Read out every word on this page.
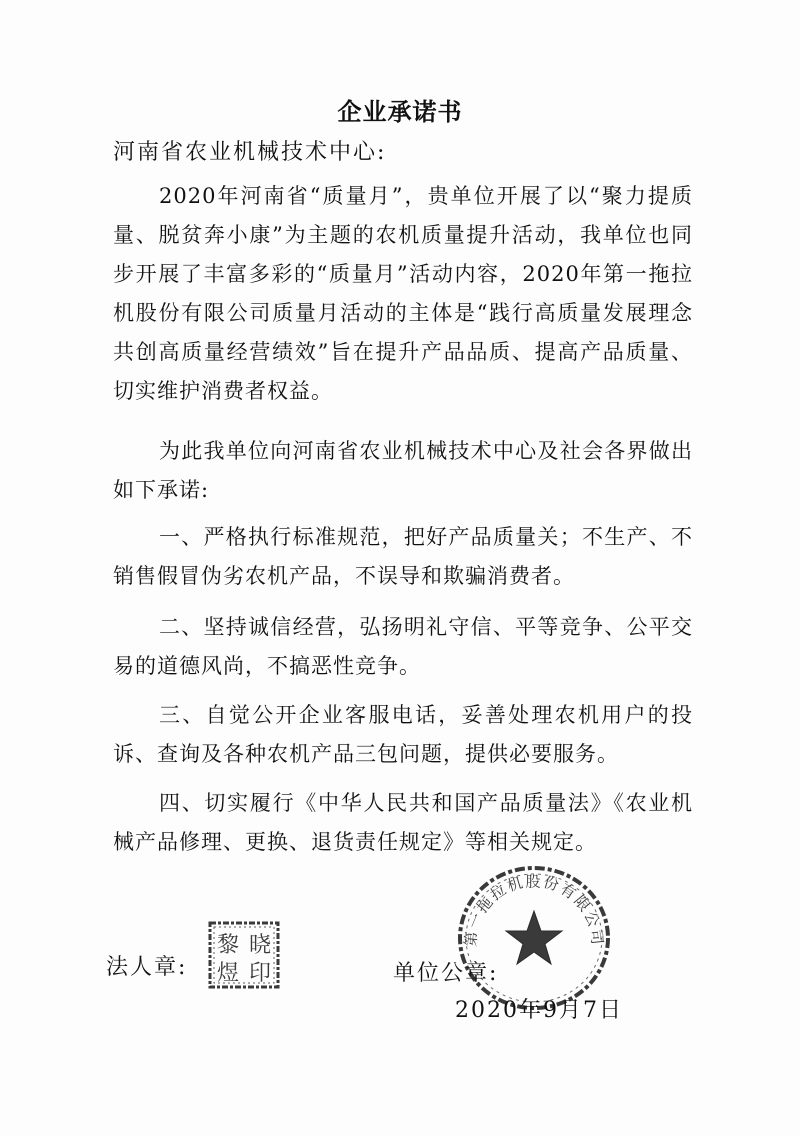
企业承诺书
河南省农业机械技术中心:

2020年河南省“质量月”，贵单位开展了以“聚力提质量、脱贫奔小康”为主题的农机质量提升活动，我单位也同步开展了丰富多彩的“质量月”活动内容，2020年第一拖拉机股份有限公司质量月活动的主体是“践行高质量发展理念共创高质量经营绩效”旨在提升产品品质、提高产品质量、切实维护消费者权益。

为此我单位向河南省农业机械技术中心及社会各界做出如下承诺:

一、严格执行标准规范，把好产品质量关；不生产、不销售假冒伪劣农机产品，不误导和欺骗消费者。

二、坚持诚信经营，弘扬明礼守信、平等竞争、公平交易的道德风尚，不搞恶性竞争。

三、自觉公开企业客服电话，妥善处理农机用户的投诉、查询及各种农机产品三包问题，提供必要服务。

四、切实履行《中华人民共和国产品质量法》《农业机械产品修理、更换、退货责任规定》等相关规定。

法人章:
黎 晓
煜 印
第一拖拉机股份有限公司
单位公章:
2020年9月7日
